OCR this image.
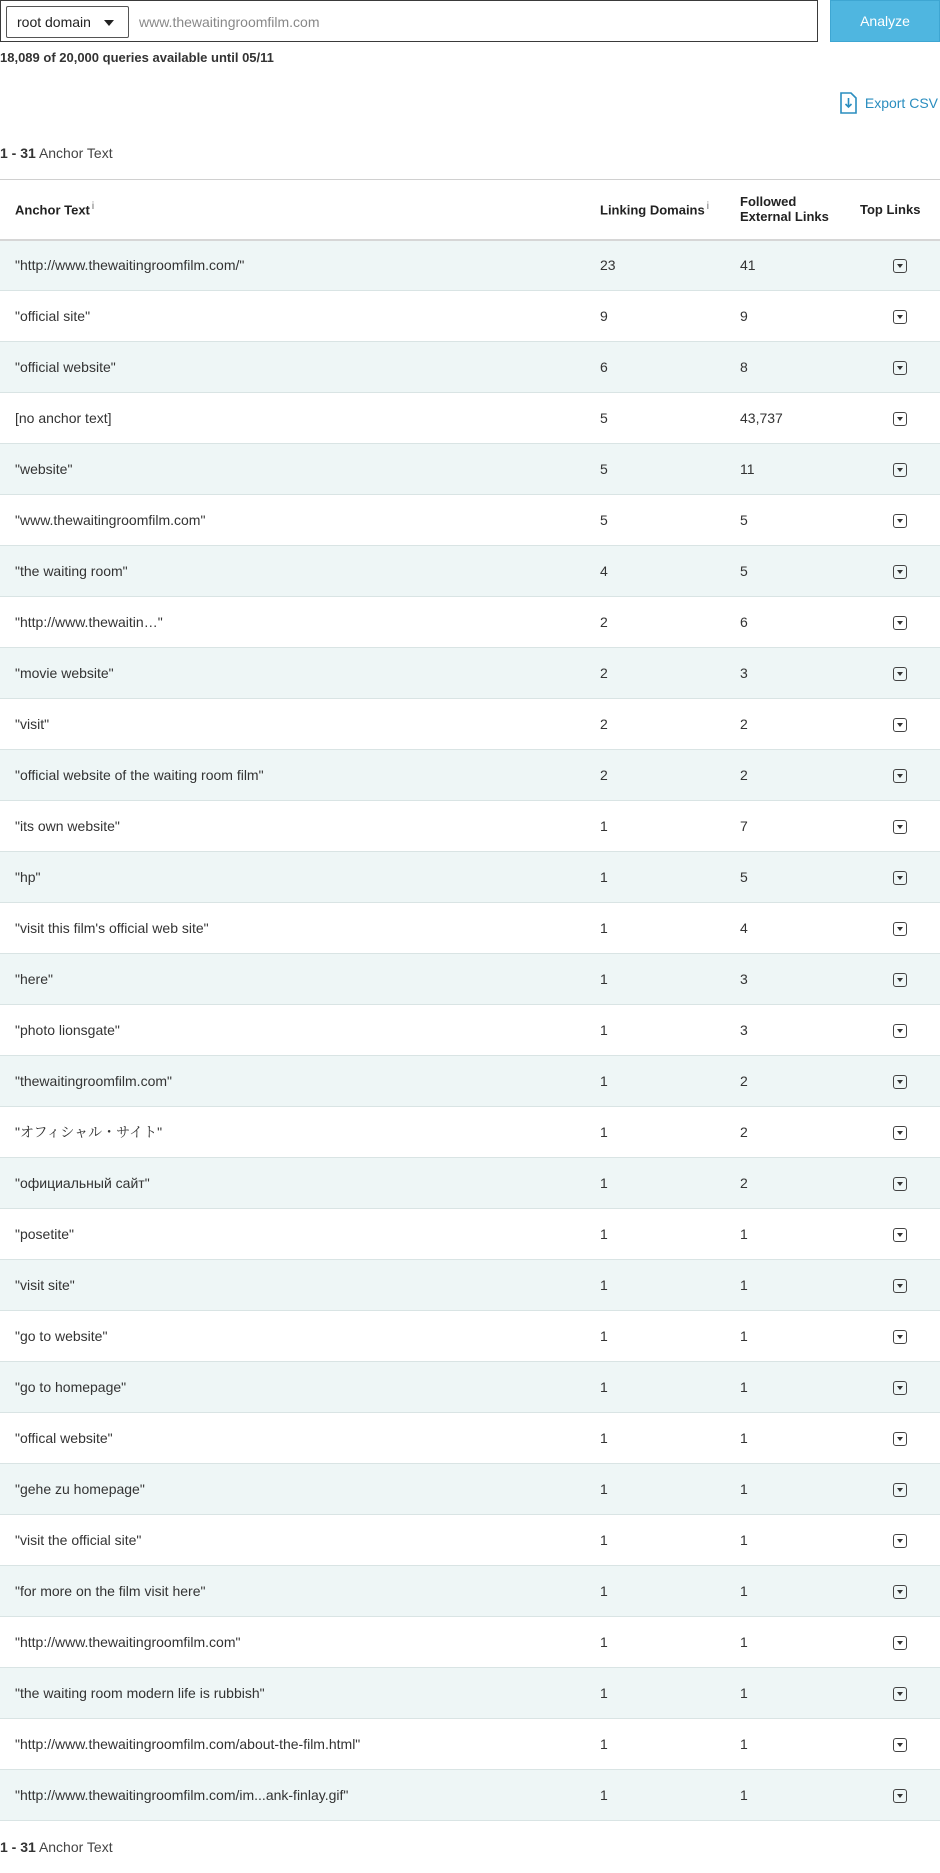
root domain
www.thewaitingroomfilm.com	Analyze
18,089 of 20,000 queries available until 05/11
Export CSV
1 - 31 Anchor Text
Anchor Text $^i$	Linking Domains $^i$	Followed
External Links	Top Links
"http://www.thewaitingroomfilm.com/"	23	41	
"official site"	9	9	
"official website"	6	8	
[no anchor text]	5	43,737	
"website"	5	11	
"www.thewaitingroomfilm.com"	5	5	
"the waiting room"	4	5	
"http://www.thewaitin…"	2	6	
"movie website"	2	3	
"visit"	2	2	
"official website of the waiting room film"	2	2	
"its own website"	1	7	
"hp"	1	5	
"visit this film's official web site"	1	4	
"here"	1	3	
"photo lionsgate"	1	3	
"thewaitingroomfilm.com"	1	2	
"オフィシャル・サイト"	1	2	
"официальный сайт"	1	2	
"posetite"	1	1	
"visit site"	1	1	
"go to website"	1	1	
"go to homepage"	1	1	
"offical website"	1	1	
"gehe zu homepage"	1	1	
"visit the official site"	1	1	
"for more on the film visit here"	1	1	
"http://www.thewaitingroomfilm.com"	1	1	
"the waiting room modern life is rubbish"	1	1	
"http://www.thewaitingroomfilm.com/about-the-film.html"	1	1	
"http://www.thewaitingroomfilm.com/im...ank-finlay.gif"	1	1	
1 - 31 Anchor Text
